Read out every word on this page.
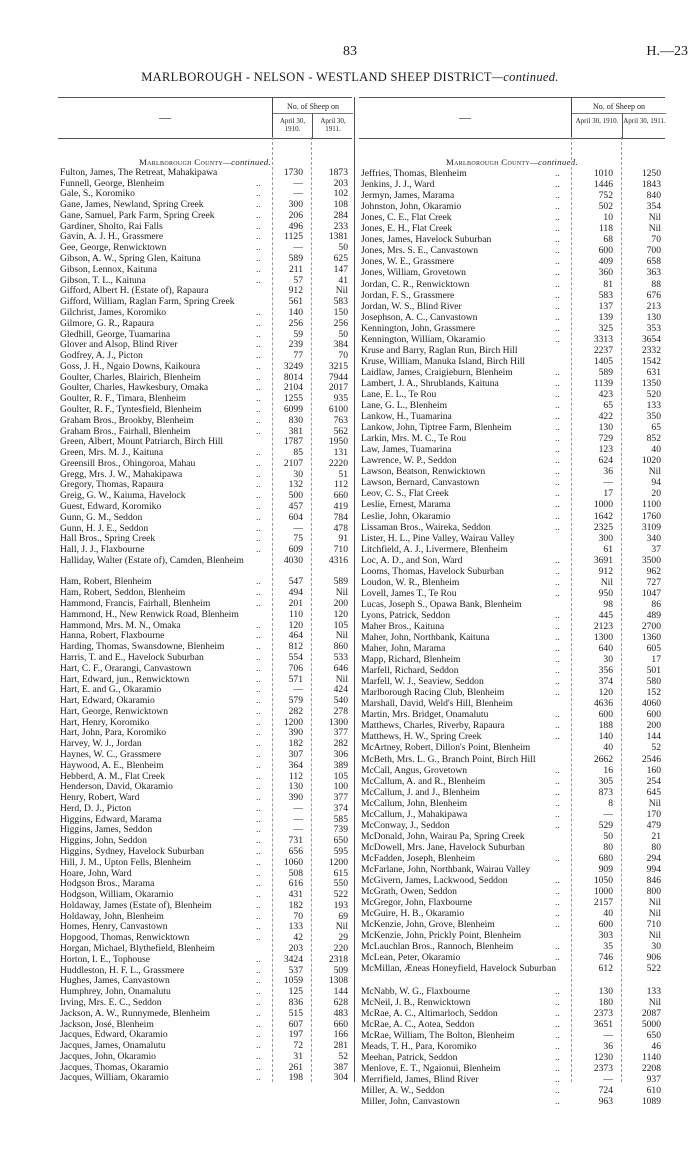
83	H.—23
MARLBOROUGH - NELSON - WESTLAND SHEEP DISTRICT—continued.
—
No. of Sheep on
April 30, 1910.
April 30, 1911.
Marlborough County—continued.
Fulton, James, The Retreat, Mahakipawa	1730	1873
Funnell, George, Blenheim	..	—	203
Gale, S., Koromiko	..	—	102
Gane, James, Newland, Spring Creek	..	300	108
Gane, Samuel, Park Farm, Spring Creek	..	206	284
Gardiner, Sholto, Rai Falls	..	496	233
Gavin, A. J. H., Grassmere	..	1125	1381
Gee, George, Renwicktown	..	—	50
Gibson, A. W., Spring Glen, Kaituna	..	589	625
Gibson, Lennox, Kaituna	..	211	147
Gibson, T. L., Kaituna	..	57	41
Gifford, Albert H. (Estate of), Rapaura	912	Nil
Gifford, William, Raglan Farm, Spring Creek	561	583
Gilchrist, James, Koromiko	..	140	150
Gilmore, G. R., Rapaura	..	256	256
Gledhill, George, Tuamarina	..	59	50
Glover and Alsop, Blind River	..	239	384
Godfrey, A. J., Picton	..	77	70
Goss, J. H., Ngaio Downs, Kaikoura	..	3249	3215
Goulter, Charles, Blairich, Blenheim	..	8014	7944
Goulter, Charles, Hawkesbury, Omaka	..	2104	2017
Goulter, R. F., Timara, Blenheim	..	1255	935
Goulter, R. F., Tyntesfield, Blenheim	..	6099	6100
Graham Bros., Brookby, Blenheim	..	830	763
Graham Bros., Fairhall, Blenheim	..	381	562
Green, Albert, Mount Patriarch, Birch Hill	1787	1950
Green, Mrs. M. J., Kaituna	..	85	131
Greensill Bros., Ohingoroa, Mahau	..	2107	2220
Gregg, Mrs. J. W., Mahakipawa	..	30	51
Gregory, Thomas, Rapaura	..	132	112
Greig, G. W., Kaiuma, Havelock	..	500	660
Guest, Edward, Koromiko	..	457	419
Gunn, G. M., Seddon	..	604	784
Gunn, H. J. E., Seddon	..	—	478
Hall Bros., Spring Creek	..	75	91
Hall, J. J., Flaxbourne	..	609	710
Halliday, Walter (Estate of), Camden, Blenheim	4030	4316
Ham, Robert, Blenheim	..	547	589
Ham, Robert, Seddon, Blenheim	..	494	Nil
Hammond, Francis, Fairhall, Blenheim	..	201	200
Hammond, H., New Renwick Road, Blenheim	110	120
Hammond, Mrs. M. N., Omaka	..	120	105
Hanna, Robert, Flaxbourne	..	464	Nil
Harding, Thomas, Swansdowne, Blenheim	..	812	860
Harris, T. and E., Havelock Suburban	..	554	533
Hart, C. F., Orarangi, Canvastown	..	706	646
Hart, Edward, jun., Renwicktown	..	571	Nil
Hart, E. and G., Okaramio	..	—	424
Hart, Edward, Okaramio	..	579	540
Hart, George, Renwicktown	..	282	278
Hart, Henry, Koromiko	..	1200	1300
Hart, John, Para, Koromiko	..	390	377
Harvey, W. J., Jordan	..	182	282
Haynes, W. C., Grassmere	..	307	306
Haywood, A. E., Blenheim	..	364	389
Hebberd, A. M., Flat Creek	..	112	105
Henderson, David, Okaramio	..	130	100
Henry, Robert, Ward	..	390	377
Herd, D. J., Picton	..	—	374
Higgins, Edward, Marama	..	—	585
Higgins, James, Seddon	..	—	739
Higgins, John, Seddon	..	731	650
Higgins, Sydney, Havelock Suburban	..	656	595
Hill, J. M., Upton Fells, Blenheim	..	1060	1200
Hoare, John, Ward	..	508	615
Hodgson Bros., Marama	..	616	550
Hodgson, William, Okaramio	..	431	522
Holdaway, James (Estate of), Blenheim	..	182	193
Holdaway, John, Blenheim	..	70	69
Homes, Henry, Canvastown	..	133	Nil
Hopgood, Thomas, Renwicktown	..	42	29
Horgan, Michael, Blythefield, Blenheim	203	220
Horton, I. E., Tophouse	..	3424	2318
Huddleston, H. F. L., Grassmere	..	537	509
Hughes, James, Canvastown	..	1059	1308
Humphrey, John, Onamalutu	..	125	144
Irving, Mrs. E. C., Seddon	..	836	628
Jackson, A. W., Runnymede, Blenheim	..	515	483
Jackson, José, Blenheim	..	607	660
Jacques, Edward, Okaramio	..	197	166
Jacques, James, Onamalutu	..	72	281
Jacques, John, Okaramio	..	31	52
Jacques, Thomas, Okaramio	..	261	387
Jacques, William, Okaramio	..	198	304
—
No. of Sheep on
April 30, 1910. April 30, 1911.
Marlborough County—continued.
Jeffries, Thomas, Blenheim	..	1010	1250
Jenkins, J. J., Ward	..	1446	1843
Jermyn, James, Marama	..	752	840
Johnston, John, Okaramio	..	502	354
Jones, C. E., Flat Creek	..	10	Nil
Jones, E. H., Flat Creek	..	118	Nil
Jones, James, Havelock Suburban	..	68	70
Jones, Mrs. S. E., Canvastown	..	600	700
Jones, W. E., Grassmere	..	409	658
Jones, William, Grovetown	..	360	363
Jordan, C. R., Renwicktown	..	81	88
Jordan, F. S., Grassmere	..	583	676
Jordan, W. S., Blind River	..	137	213
Josephson, A. C., Canvastown	..	139	130
Kennington, John, Grassmere	..	325	353
Kennington, William, Okaramio	..	3313	3654
Kruse and Barry, Raglan Run, Birch Hill	2237	2332
Kruse, William, Manuka Island, Birch Hill	1405	1542
Laidlaw, James, Craigieburn, Blenheim	..	589	631
Lambert, J. A., Shrublands, Kaituna	..	1139	1350
Lane, E. L., Te Rou	..	423	520
Lane, G. L., Blenheim	..	65	133
Lankow, H., Tuamarina	..	422	350
Lankow, John, Tiptree Farm, Blenheim	..	130	65
Larkin, Mrs. M. C., Te Rou	..	729	852
Law, James, Tuamarina	..	123	40
Lawrence, W. P., Seddon	..	624	1020
Lawson, Beatson, Renwicktown	..	36	Nil
Lawson, Bernard, Canvastown	..	—	94
Leov, C. S., Flat Creek	..	17	20
Leslie, Ernest, Marama	..	1000	1100
Leslie, John, Okaramio	..	1642	1760
Lissaman Bros., Waireka, Seddon	..	2325	3109
Lister, H. L., Pine Valley, Wairau Valley	300	340
Litchfield, A. J., Livermere, Blenheim	61	37
Loc, A. D., and Son, Ward	..	3691	3500
Looms, Thomas, Havelock Suburban	..	912	962
Loudon, W. R., Blenheim	..	Nil	727
Lovell, James T., Te Rou	..	950	1047
Lucas, Joseph S., Opawa Bank, Blenheim	98	86
Lyons, Patrick, Seddon	..	445	489
Maher Bros., Kaituna	..	2123	2700
Maher, John, Northbank, Kaituna	..	1300	1360
Maher, John, Marama	..	640	605
Mapp, Richard, Blenheim	..	30	17
Marfell, Richard, Seddon	..	356	501
Marfell, W. J., Seaview, Seddon	..	374	580
Marlborough Racing Club, Blenheim	..	120	152
Marshall, David, Weld's Hill, Blenheim	4636	4060
Martin, Mrs. Bridget, Onamalutu	..	600	600
Matthews, Charles, Riverby, Rapaura	..	188	200
Matthews, H. W., Spring Creek	..	140	144
McArtney, Robert, Dillon's Point, Blenheim	40	52
McBeth, Mrs. L. G., Branch Point, Birch Hill	2662	2546
McCall, Angus, Grovetown	..	16	160
McCallum, A. and R., Blenheim	..	305	254
McCallum, J. and J., Blenheim	..	873	645
McCallum, John, Blenheim	..	8	Nil
McCallum, J., Mahakipawa	..	—	170
McConway, J., Seddon	..	529	479
McDonald, John, Wairau Pa, Spring Creek	50	21
McDowell, Mrs. Jane, Havelock Suburban	80	80
McFadden, Joseph, Blenheim	..	680	294
McFarlane, John, Northbank, Wairau Valley	909	994
McGivern, James, Lackwood, Seddon	..	1050	846
McGrath, Owen, Seddon	..	1000	800
McGregor, John, Flaxbourne	..	2157	Nil
McGuire, H. B., Okaramio	..	40	Nil
McKenzie, John, Grove, Blenheim	..	600	710
McKenzie, John, Prickly Point, Blenheim	303	Nil
McLauchlan Bros., Rannoch, Blenheim	..	35	30
McLean, Peter, Okaramio	..	746	906
McMillan, Æneas Honeyfield, Havelock Suburban	612	522
McNabb, W. G., Flaxbourne	..	130	133
McNeil, J. B., Renwicktown	..	180	Nil
McRae, A. C., Altimarloch, Seddon	..	2373	2087
McRae, A. C., Aotea, Seddon	..	3651	5000
McRae, William, The Bolton, Blenheim	..	—	650
Meads, T. H., Para, Koromiko	..	36	46
Meehan, Patrick, Seddon	..	1230	1140
Menlove, E. T., Ngaionui, Blenheim	..	2373	2208
Merrifield, James, Blind River	..	—	937
Miller, A. W., Seddon	..	724	610
Miller, John, Canvastown	..	963	1089
